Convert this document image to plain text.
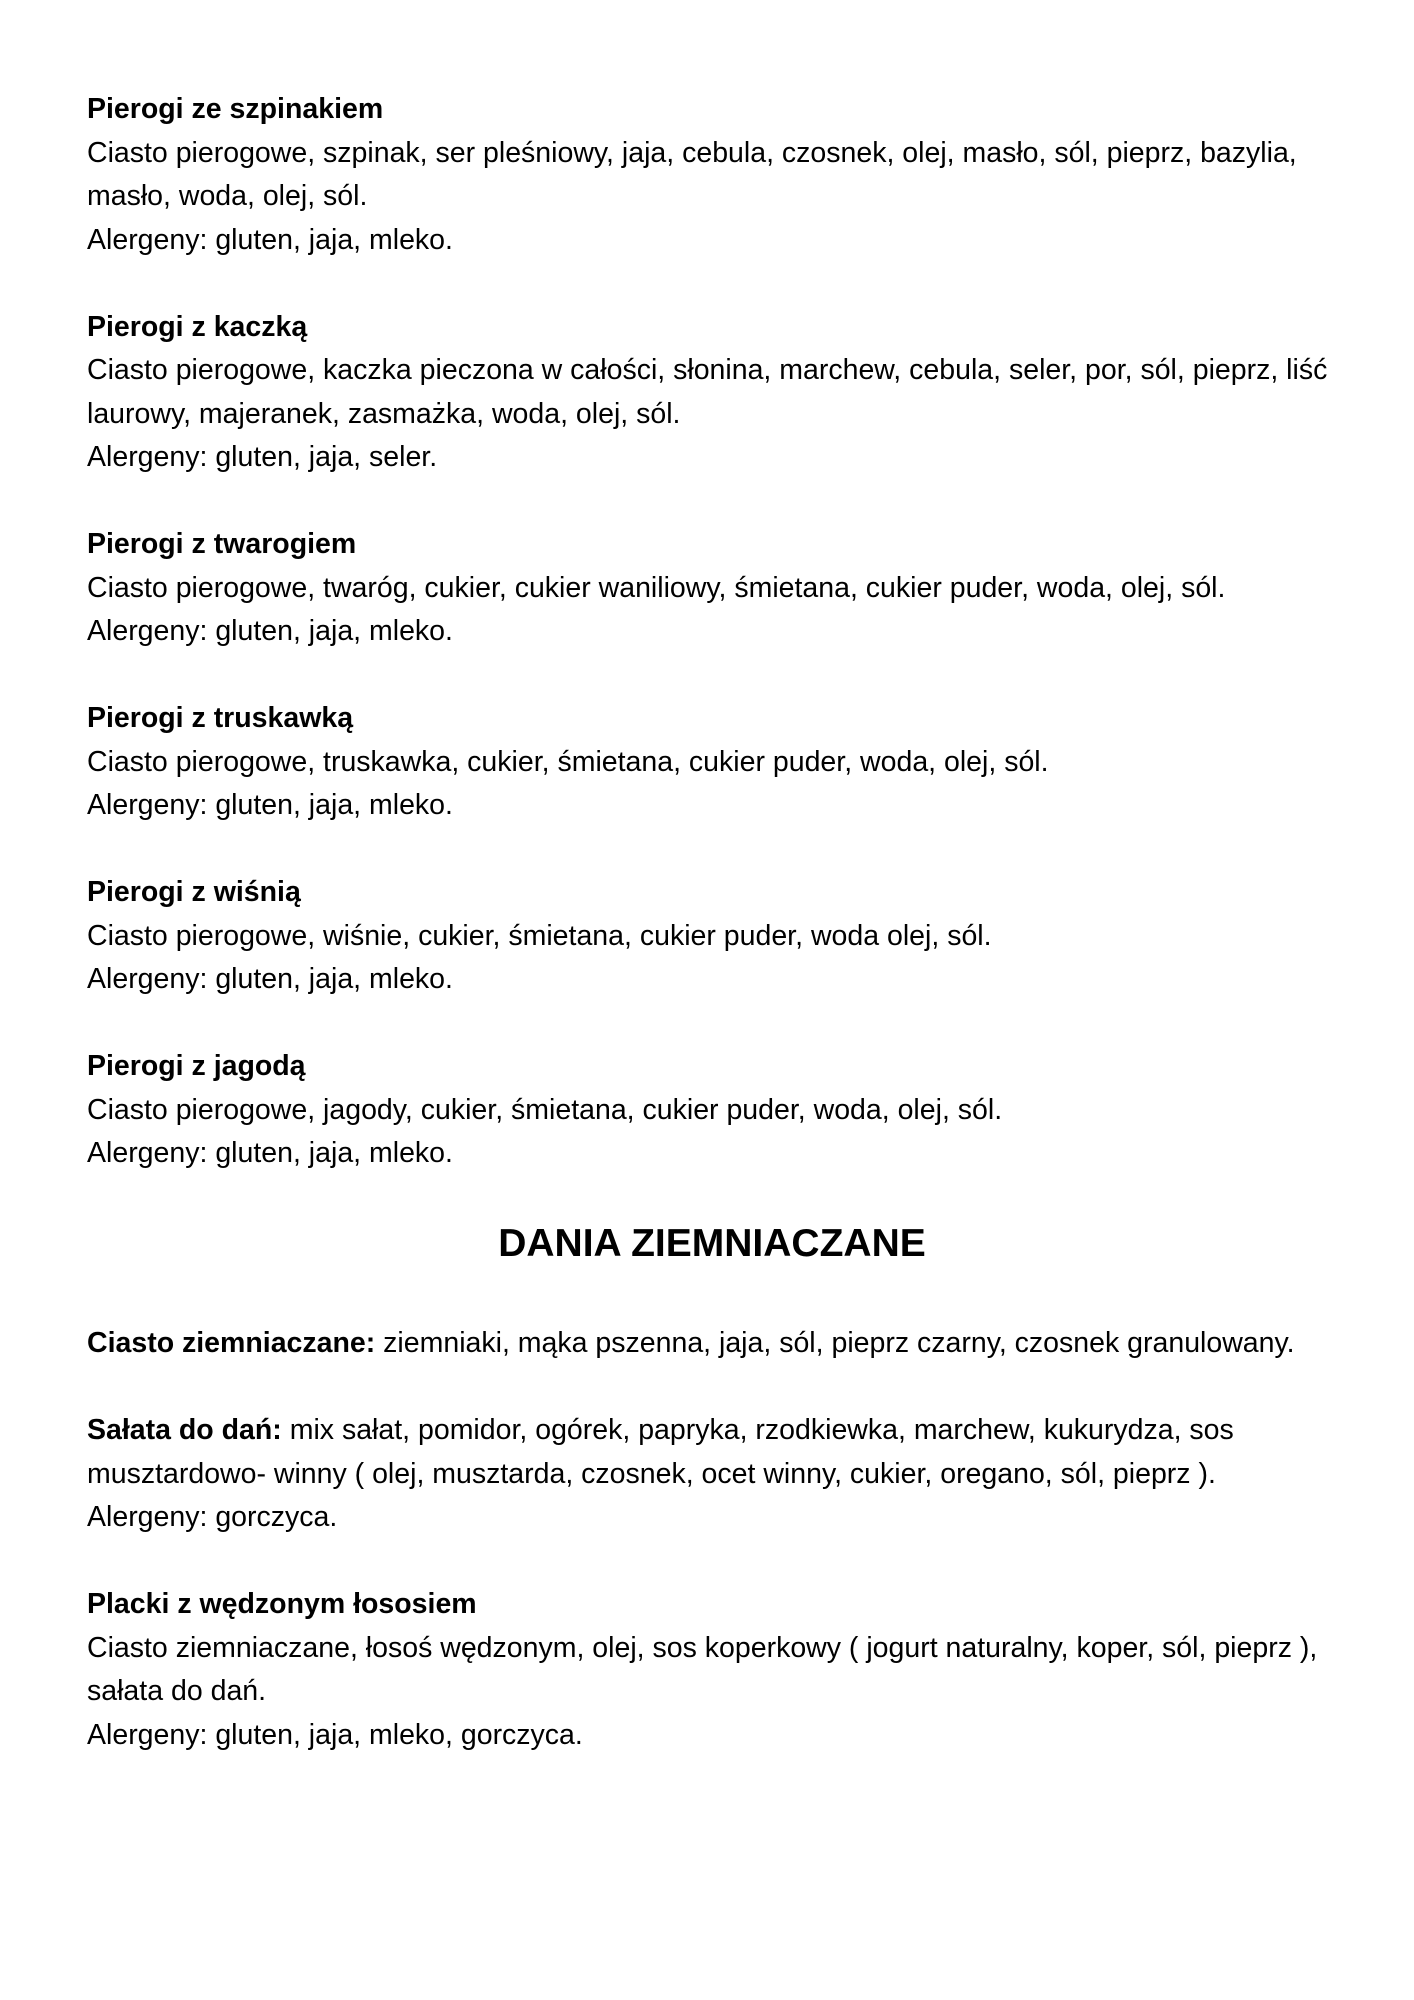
Pierogi ze szpinakiem

Ciasto pierogowe, szpinak, ser pleśniowy, jaja, cebula, czosnek, olej, masło, sól, pieprz, bazylia, masło, woda, olej, sól.

Alergeny: gluten, jaja, mleko.

Pierogi z kaczką

Ciasto pierogowe, kaczka pieczona w całości, słonina, marchew, cebula, seler, por, sól, pieprz, liść laurowy, majeranek, zasmażka, woda, olej, sól.

Alergeny: gluten, jaja, seler.

Pierogi z twarogiem

Ciasto pierogowe, twaróg, cukier, cukier waniliowy, śmietana, cukier puder, woda, olej, sól.

Alergeny: gluten, jaja, mleko.

Pierogi z truskawką

Ciasto pierogowe, truskawka, cukier, śmietana, cukier puder, woda, olej, sól.

Alergeny: gluten, jaja, mleko.

Pierogi z wiśnią

Ciasto pierogowe, wiśnie, cukier, śmietana, cukier puder, woda olej, sól.

Alergeny: gluten, jaja, mleko.

Pierogi z jagodą

Ciasto pierogowe, jagody, cukier, śmietana, cukier puder, woda, olej, sól.

Alergeny: gluten, jaja, mleko.

DANIA ZIEMNIACZANE

Ciasto ziemniaczane: ziemniaki, mąka pszenna, jaja, sól, pieprz czarny, czosnek granulowany.

Sałata do dań: mix sałat, pomidor, ogórek, papryka, rzodkiewka, marchew, kukurydza, sos musztardowo- winny ( olej, musztarda, czosnek, ocet winny, cukier, oregano, sól, pieprz ).

Alergeny: gorczyca.

Placki z wędzonym łososiem

Ciasto ziemniaczane, łosoś wędzonym, olej, sos koperkowy ( jogurt naturalny, koper, sól, pieprz ), sałata do dań.

Alergeny: gluten, jaja, mleko, gorczyca.
